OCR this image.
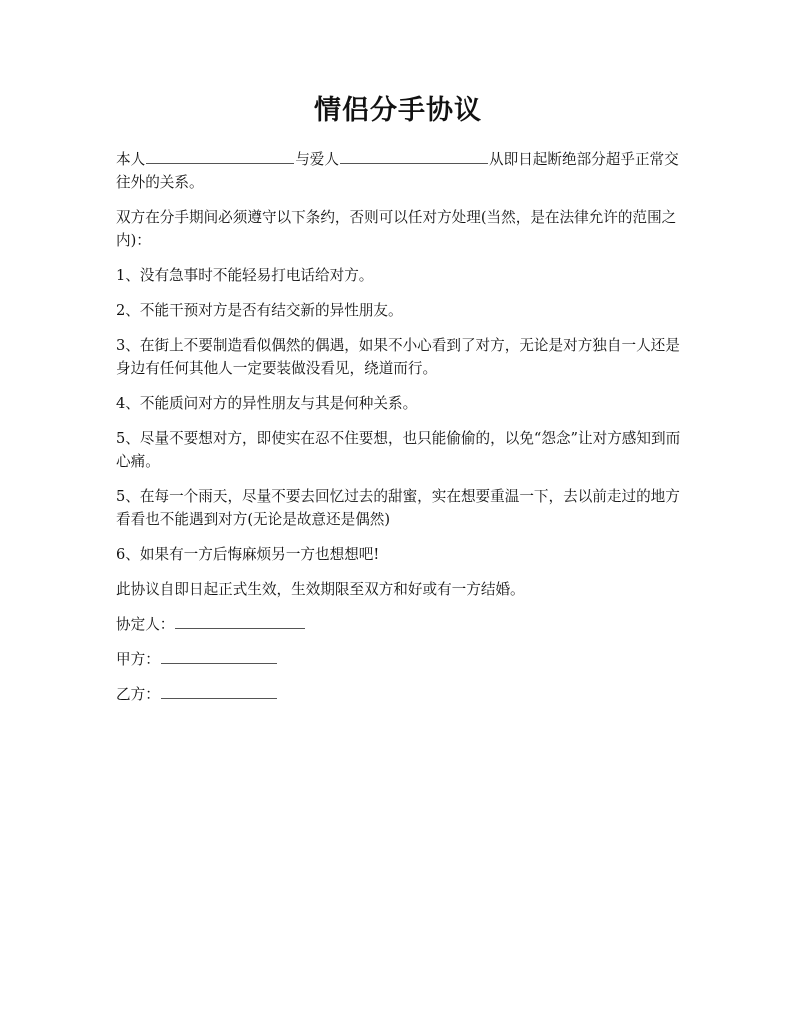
情侣分手协议

本人	与爱人	从即日起断绝部分超乎正常交往外的关系。

双方在分手期间必须遵守以下条约，否则可以任对方处理(当然，是在法律允许的范围之内)：

1、没有急事时不能轻易打电话给对方。

2、不能干预对方是否有结交新的异性朋友。

3、在街上不要制造看似偶然的偶遇，如果不小心看到了对方，无论是对方独自一人还是身边有任何其他人一定要装做没看见，绕道而行。

4、不能质问对方的异性朋友与其是何种关系。

5、尽量不要想对方，即使实在忍不住要想，也只能偷偷的，以免“怨念”让对方感知到而心痛。

5、在每一个雨天，尽量不要去回忆过去的甜蜜，实在想要重温一下，去以前走过的地方看看也不能遇到对方(无论是故意还是偶然)

6、如果有一方后悔麻烦另一方也想想吧!

此协议自即日起正式生效，生效期限至双方和好或有一方结婚。

协定人：
甲方：
乙方：
